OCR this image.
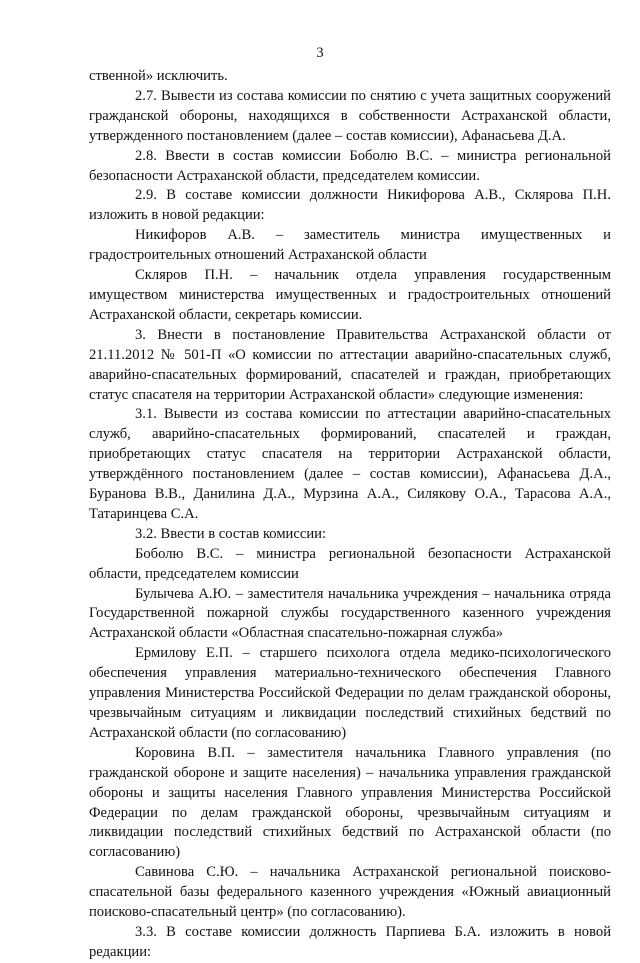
3

ственной» исключить.

2.7. Вывести из состава комиссии по снятию с учета защитных сооружений гражданской обороны, находящихся в собственности Астраханской области, утвержденного постановлением (далее – состав комиссии), Афанасьева Д.А.

2.8. Ввести в состав комиссии Боболю В.С. – министра региональной безопасности Астраханской области, председателем комиссии.

2.9. В составе комиссии должности Никифорова А.В., Склярова П.Н. изложить в новой редакции:

Никифоров А.В. – заместитель министра имущественных и градостроительных отношений Астраханской области

Скляров П.Н. – начальник отдела управления государственным имуществом министерства имущественных и градостроительных отношений Астраханской области, секретарь комиссии.

3. Внести в постановление Правительства Астраханской области от 21.11.2012 № 501-П «О комиссии по аттестации аварийно-спасательных служб, аварийно-спасательных формирований, спасателей и граждан, приобретающих статус спасателя на территории Астраханской области» следующие изменения:

3.1. Вывести из состава комиссии по аттестации аварийно-спасательных служб, аварийно-спасательных формирований, спасателей и граждан, приобретающих статус спасателя на территории Астраханской области, утверждённого постановлением (далее – состав комиссии), Афанасьева Д.А., Буранова В.В., Данилина Д.А., Мурзина А.А., Силякову О.А., Тарасова А.А., Татаринцева С.А.

3.2. Ввести в состав комиссии:

Боболю В.С. – министра региональной безопасности Астраханской области, председателем комиссии

Булычева А.Ю. – заместителя начальника учреждения – начальника отряда Государственной пожарной службы государственного казенного учреждения Астраханской области «Областная спасательно-пожарная служба»

Ермилову Е.П. – старшего психолога отдела медико-психологического обеспечения управления материально-технического обеспечения Главного управления Министерства Российской Федерации по делам гражданской обороны, чрезвычайным ситуациям и ликвидации последствий стихийных бедствий по Астраханской области (по согласованию)

Коровина В.П. – заместителя начальника Главного управления (по гражданской обороне и защите населения) – начальника управления гражданской обороны и защиты населения Главного управления Министерства Российской Федерации по делам гражданской обороны, чрезвычайным ситуациям и ликвидации последствий стихийных бедствий по Астраханской области (по согласованию)

Савинова С.Ю. – начальника Астраханской региональной поисково-спасательной базы федерального казенного учреждения «Южный авиационный поисково-спасательный центр» (по согласованию).

3.3. В составе комиссии должность Парпиева Б.А. изложить в новой редакции:
